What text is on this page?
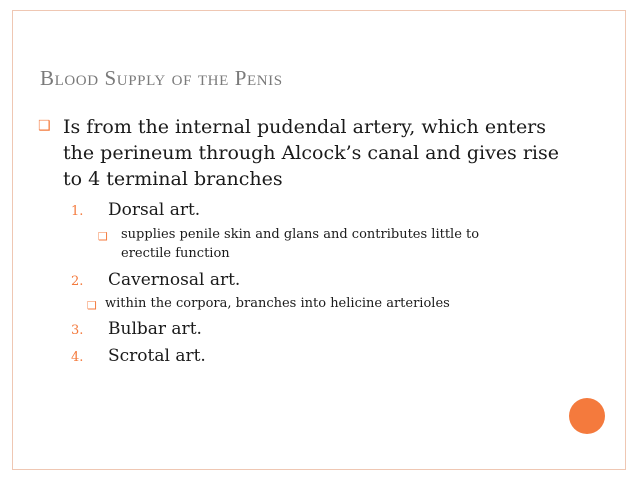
Blood Supply of the Penis
❑ Is from the internal pudendal artery, which enters the perineum through Alcock’s canal and gives rise to 4 terminal branches
1. Dorsal art.
❑ supplies penile skin and glans and contributes little to erectile function
2. Cavernosal art.
❑ within the corpora, branches into helicine arterioles
3. Bulbar art.
4. Scrotal art.
